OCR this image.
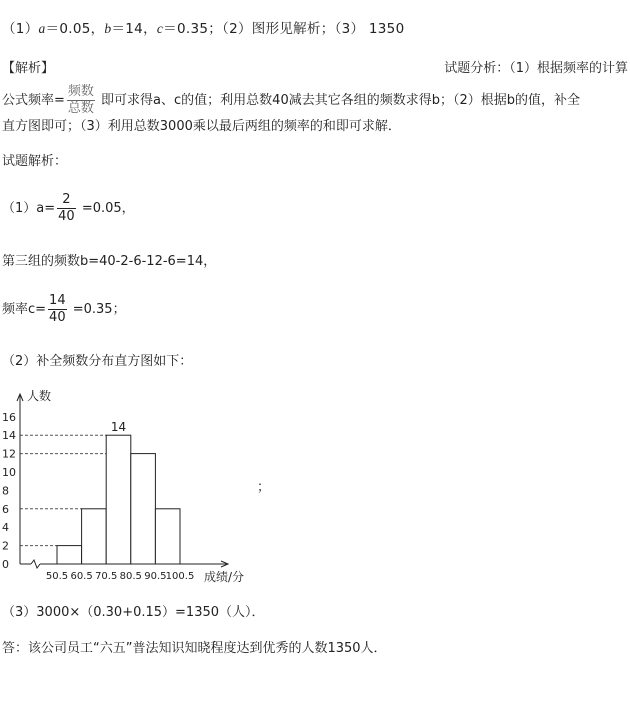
（1）a＝0.05，b＝14，c＝0.35；（2）图形见解析；（3） 1350
【解析】	试题分析：（1）根据频率的计算
公式频率= $\frac{\text{频数}}{\text{总数}}$ 即可求得a、c的值；利用总数40减去其它各组的频数求得b；（2）根据b的值，补全
直方图即可；（3）利用总数3000乘以最后两组的频率的和即可求解．
试题解析：
$(1)a= \frac{2}{40} =0.05$，
第三组的频数b=40-2-6-12-6=14，
频率$c= \frac{14}{40} =0.35$；
（2）补全频数分布直方图如下：
14
0
2
4
6
8
10
12
14
16
50.5 60.5 70.5 80.5 90.5 100.5
人数
成绩/分
；
（3）3000×（0.30+0.15）=1350（人）．
答：该公司员工“六五”普法知识知晓程度达到优秀的人数1350人．
